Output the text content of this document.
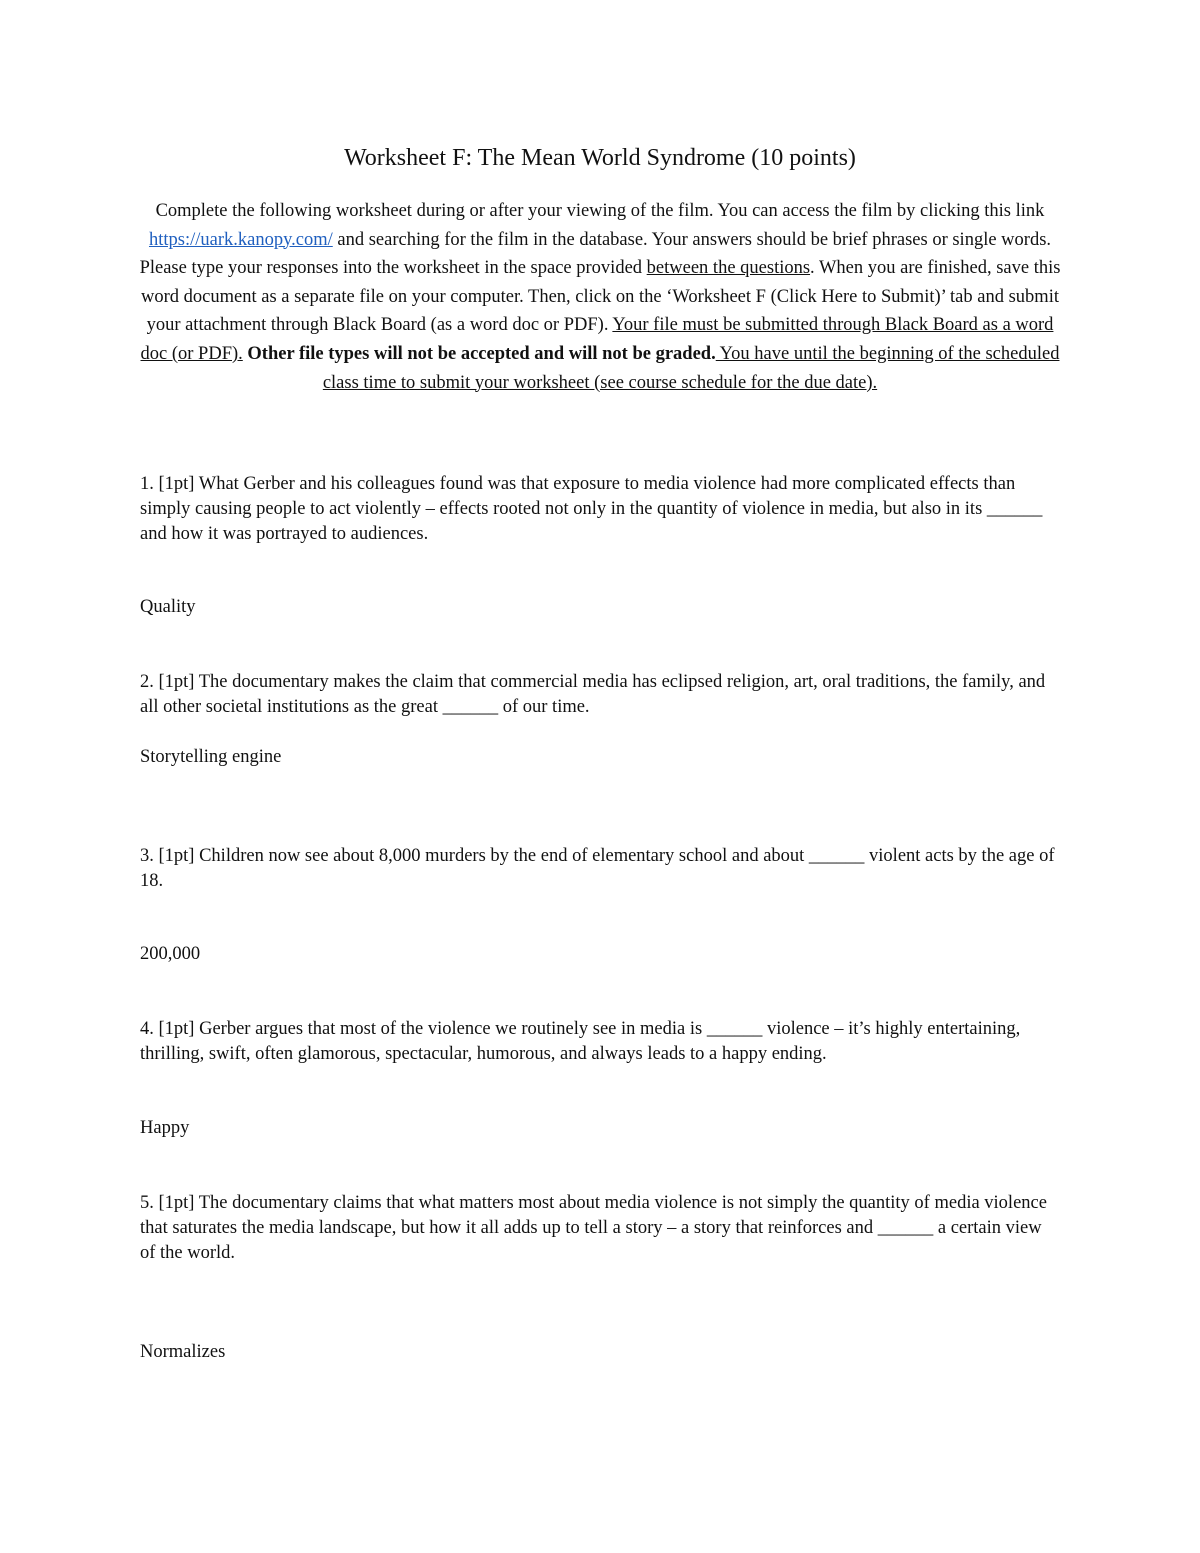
Worksheet F: The Mean World Syndrome (10 points)
Complete the following worksheet during or after your viewing of the film. You can access the film by clicking this link https://uark.kanopy.com/ and searching for the film in the database. Your answers should be brief phrases or single words. Please type your responses into the worksheet in the space provided between the questions. When you are finished, save this word document as a separate file on your computer. Then, click on the ‘Worksheet F (Click Here to Submit)’ tab and submit your attachment through Black Board (as a word doc or PDF). Your file must be submitted through Black Board as a word doc (or PDF). Other file types will not be accepted and will not be graded. You have until the beginning of the scheduled class time to submit your worksheet (see course schedule for the due date).
1. [1pt] What Gerber and his colleagues found was that exposure to media violence had more complicated effects than simply causing people to act violently – effects rooted not only in the quantity of violence in media, but also in its ______ and how it was portrayed to audiences.
Quality
2. [1pt] The documentary makes the claim that commercial media has eclipsed religion, art, oral traditions, the family, and all other societal institutions as the great ______ of our time.
Storytelling engine
3. [1pt] Children now see about 8,000 murders by the end of elementary school and about ______ violent acts by the age of 18.
200,000
4. [1pt] Gerber argues that most of the violence we routinely see in media is ______ violence – it’s highly entertaining, thrilling, swift, often glamorous, spectacular, humorous, and always leads to a happy ending.
Happy
5. [1pt] The documentary claims that what matters most about media violence is not simply the quantity of media violence that saturates the media landscape, but how it all adds up to tell a story – a story that reinforces and ______ a certain view of the world.
Normalizes
